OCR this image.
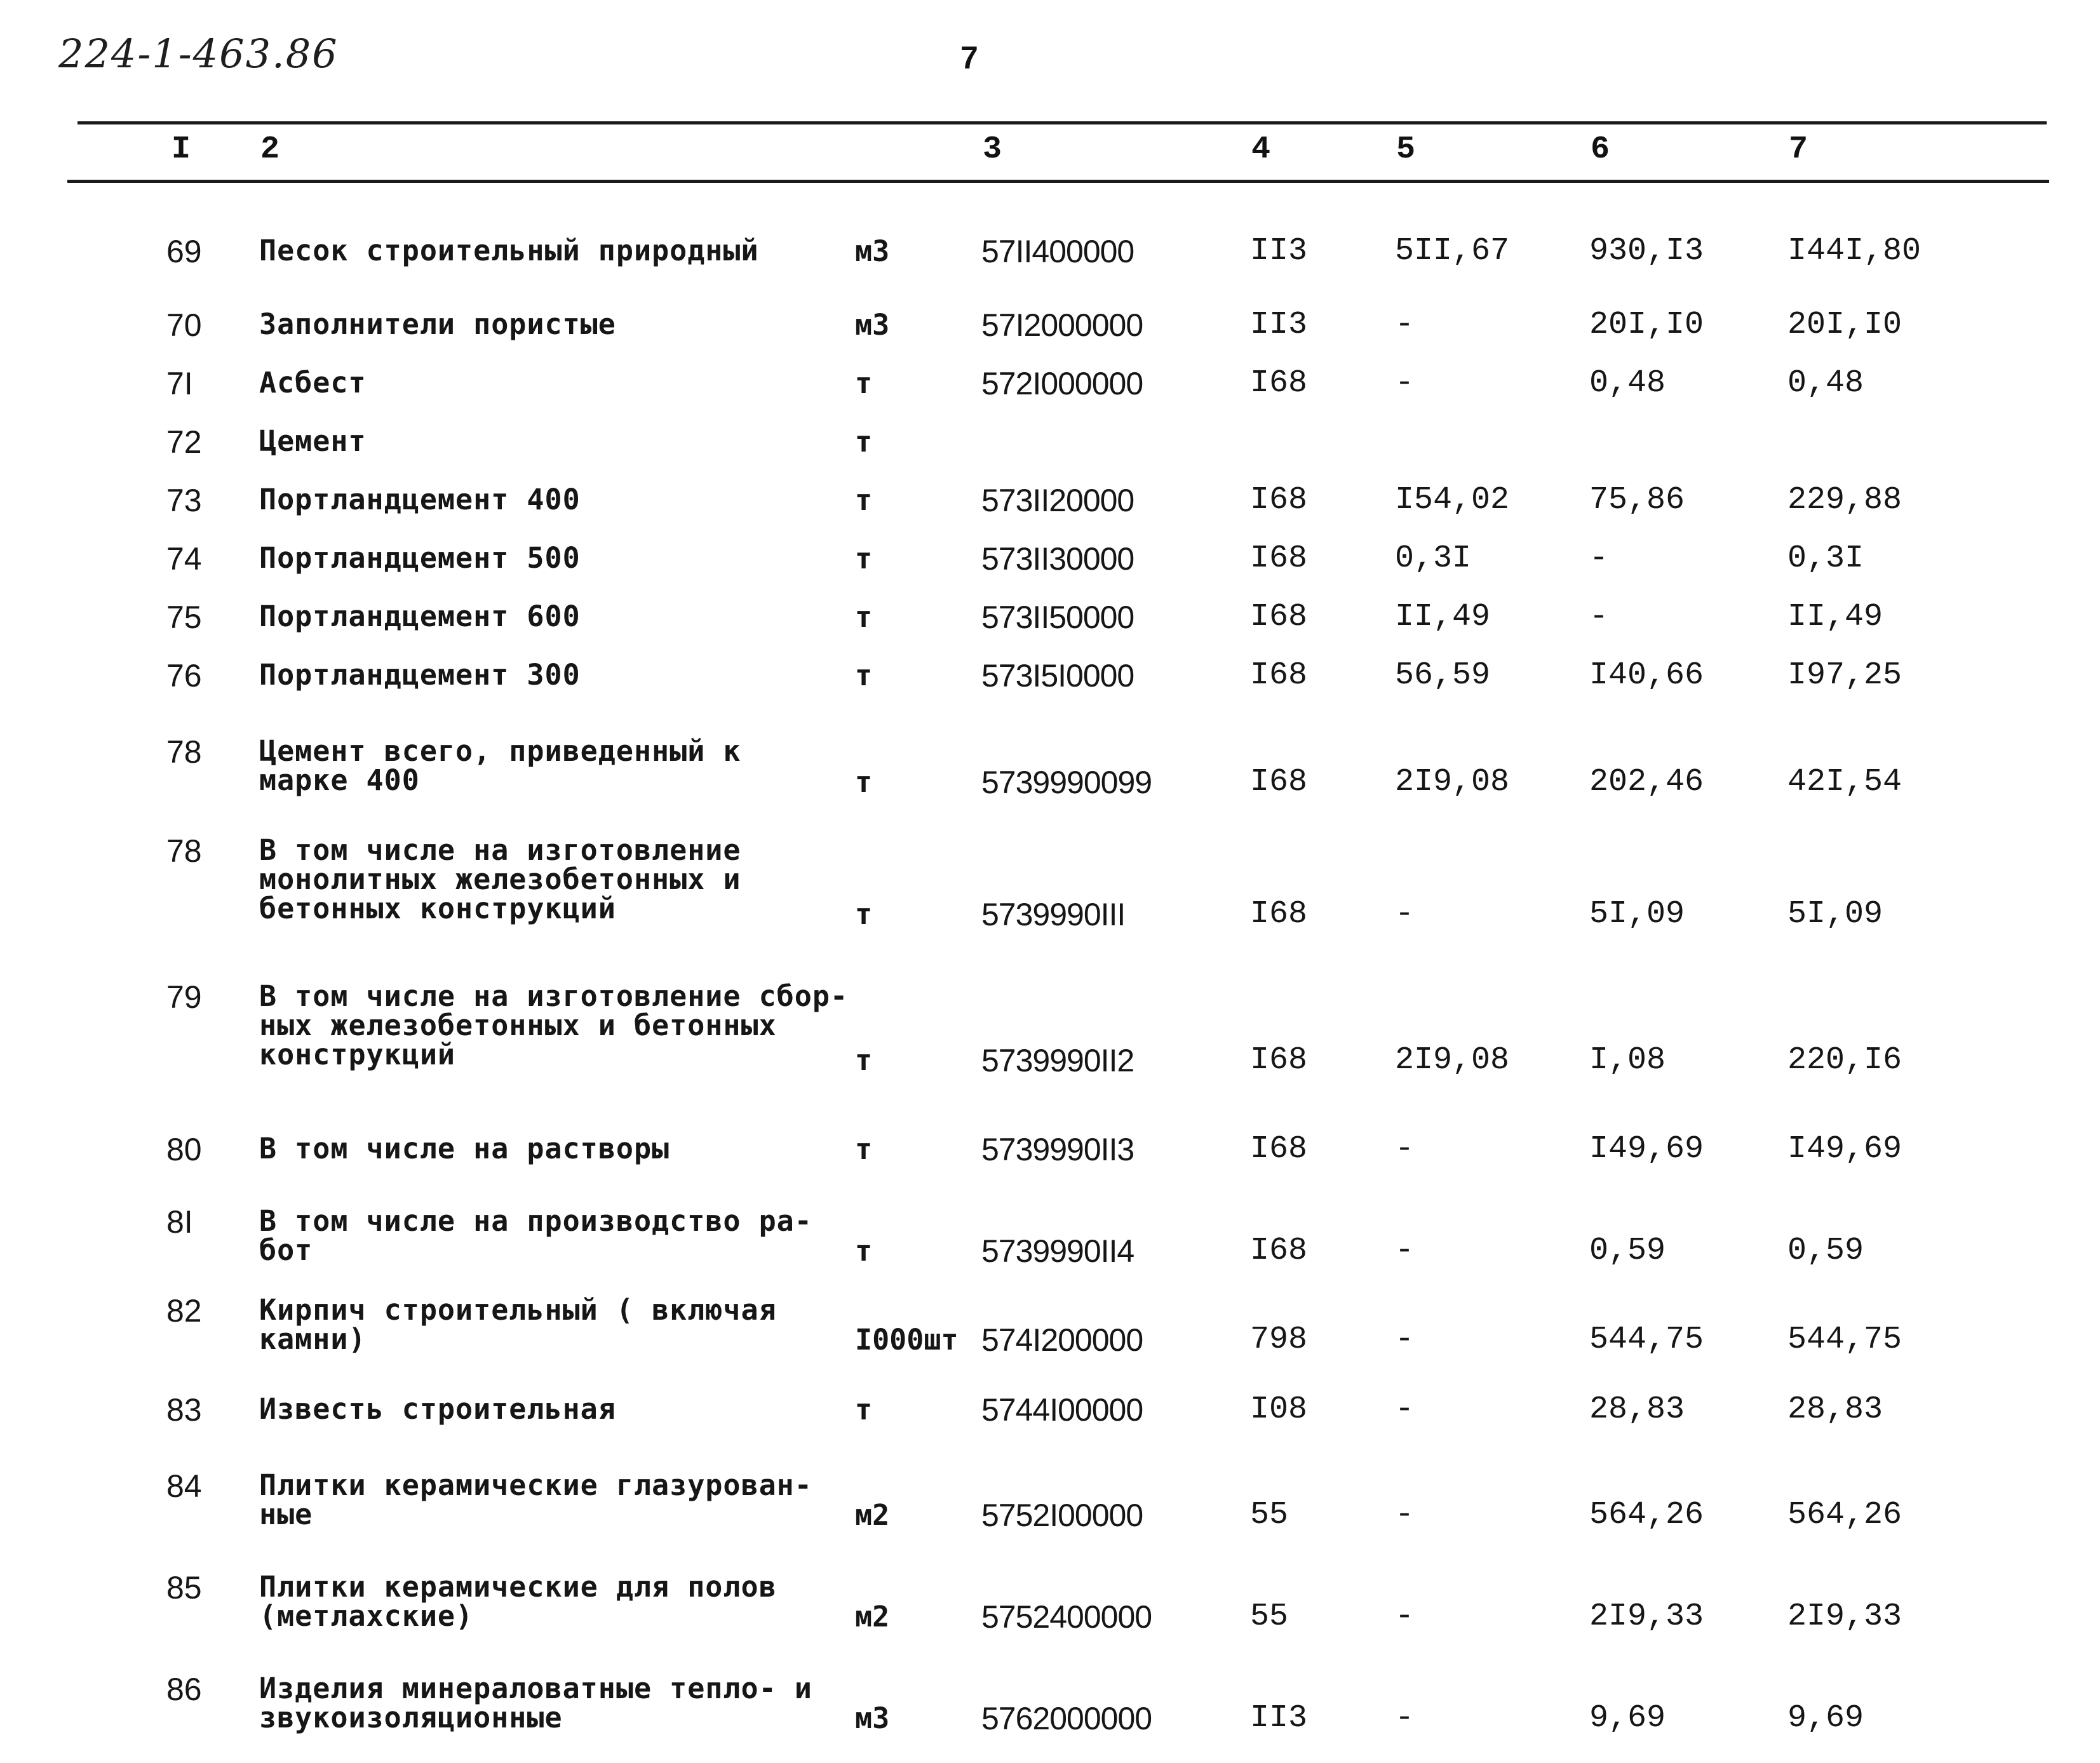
224-1-463.86	7
I 2	3	4	5	6	7
69 Песок строительный природный	м3	57II400000	II3	5II,67	930,I3	I44I,80
70 Заполнители пористые	м3	57I2000000	II3	-	20I,I0	20I,I0
7I Асбест	т	572I000000	I68	-	0,48	0,48
72 Цемент	т
73 Портландцемент 400	т	573II20000	I68	I54,02	75,86	229,88
74 Портландцемент 500	т	573II30000	I68	0,3I	-	0,3I
75 Портландцемент 600	т	573II50000	I68	II,49	-	II,49
76 Портландцемент 300	т	573I5I0000	I68	56,59	I40,66	I97,25
78 Цемент всего, приведенный к
марке 400	т	5739990099	I68	2I9,08	202,46	42I,54
78 В том числе на изготовление
монолитных железобетонных и
бетонных конструкций	т	5739990III	I68	-	5I,09	5I,09
79 В том числе на изготовление сбор-
ных железобетонных и бетонных
конструкций	т	5739990II2	I68	2I9,08	I,08	220,I6
80 В том числе на растворы	т	5739990II3	I68	-	I49,69	I49,69
8I В том числе на производство ра-
бот	т	5739990II4	I68	-	0,59	0,59
82 Кирпич строительный ( включая
камни)	I000шт 574I200000	798	-	544,75	544,75
83 Известь строительная	т	5744I00000	I08	-	28,83	28,83
84 Плитки керамические глазурован-
ные	м2	5752I00000	55	-	564,26	564,26
85 Плитки керамические для полов
(метлахские)	м2	5752400000	55	-	2I9,33	2I9,33
86 Изделия минераловатные тепло- и
звукоизоляционные	м3	5762000000	II3	-	9,69	9,69
